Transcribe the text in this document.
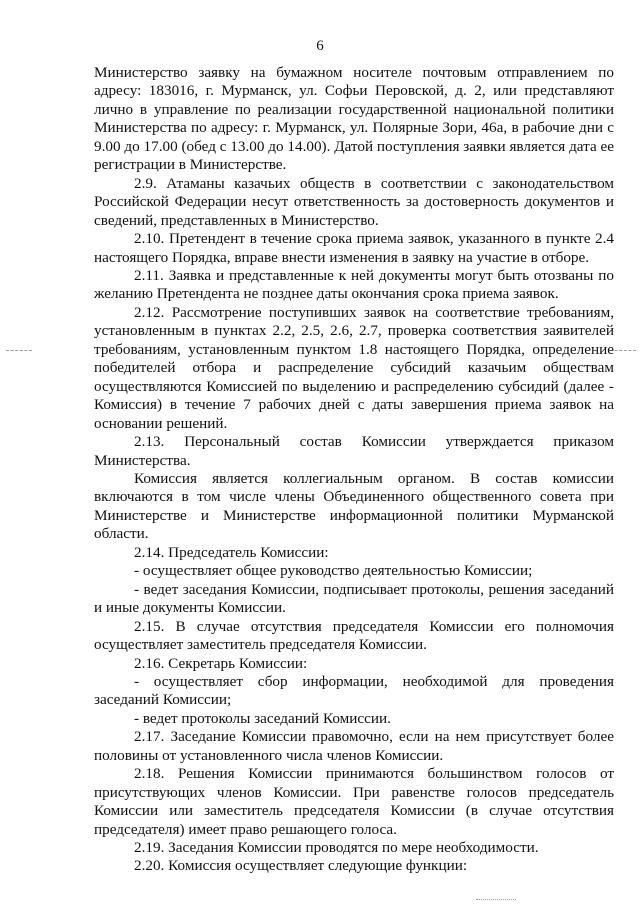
6

Министерство заявку на бумажном носителе почтовым отправлением по адресу: 183016, г. Мурманск, ул. Софьи Перовской, д. 2, или представляют лично в управление по реализации государственной национальной политики Министерства по адресу: г. Мурманск, ул. Полярные Зори, 46а, в рабочие дни с 9.00 до 17.00 (обед с 13.00 до 14.00). Датой поступления заявки является дата ее регистрации в Министерстве.

2.9. Атаманы казачьих обществ в соответствии с законодательством Российской Федерации несут ответственность за достоверность документов и сведений, представленных в Министерство.

2.10. Претендент в течение срока приема заявок, указанного в пункте 2.4 настоящего Порядка, вправе внести изменения в заявку на участие в отборе.

2.11. Заявка и представленные к ней документы могут быть отозваны по желанию Претендента не позднее даты окончания срока приема заявок.

2.12. Рассмотрение поступивших заявок на соответствие требованиям, установленным в пунктах 2.2, 2.5, 2.6, 2.7, проверка соответствия заявителей требованиям, установленным пунктом 1.8 настоящего Порядка, определение победителей отбора и распределение субсидий казачьим обществам осуществляются Комиссией по выделению и распределению субсидий (далее - Комиссия) в течение 7 рабочих дней с даты завершения приема заявок на основании решений.

2.13. Персональный состав Комиссии утверждается приказом Министерства.

Комиссия является коллегиальным органом. В состав комиссии включаются в том числе члены Объединенного общественного совета при Министерстве и Министерстве информационной политики Мурманской области.

2.14. Председатель Комиссии:

- осуществляет общее руководство деятельностью Комиссии;

- ведет заседания Комиссии, подписывает протоколы, решения заседаний и иные документы Комиссии.

2.15. В случае отсутствия председателя Комиссии его полномочия осуществляет заместитель председателя Комиссии.

2.16. Секретарь Комиссии:

- осуществляет сбор информации, необходимой для проведения заседаний Комиссии;

- ведет протоколы заседаний Комиссии.

2.17. Заседание Комиссии правомочно, если на нем присутствует более половины от установленного числа членов Комиссии.

2.18. Решения Комиссии принимаются большинством голосов от присутствующих членов Комиссии. При равенстве голосов председатель Комиссии или заместитель председателя Комиссии (в случае отсутствия председателя) имеет право решающего голоса.

2.19. Заседания Комиссии проводятся по мере необходимости.

2.20. Комиссия осуществляет следующие функции:
